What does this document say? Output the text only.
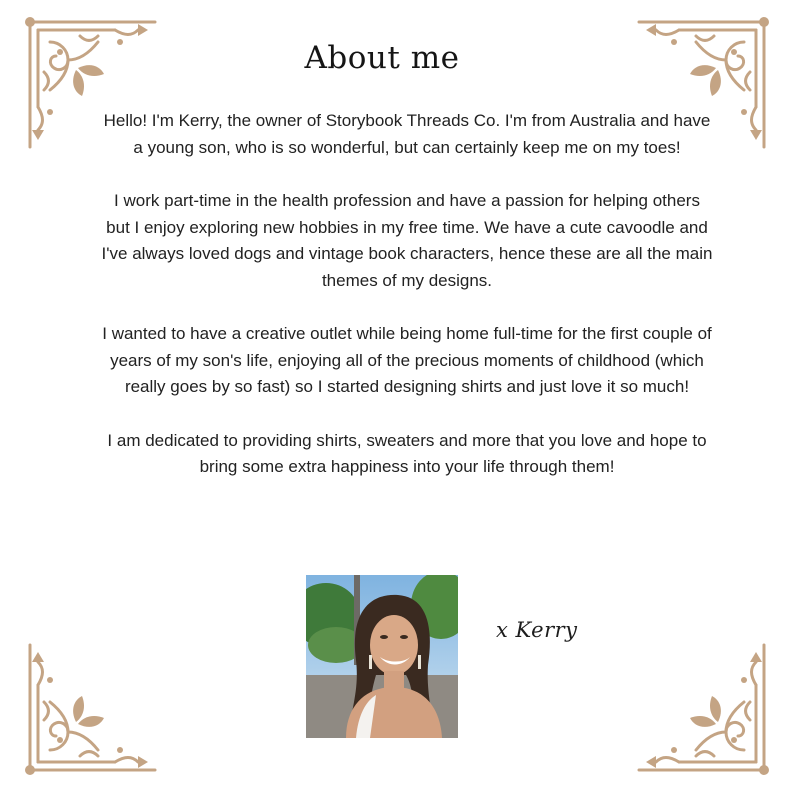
About me

Hello! I'm Kerry, the owner of Storybook Threads Co. I'm from Australia and have a young son, who is so wonderful, but can certainly keep me on my toes!

I work part-time in the health profession and have a passion for helping others but I enjoy exploring new hobbies in my free time. We have a cute cavoodle and I've always loved dogs and vintage book characters, hence these are all the main themes of my designs.

I wanted to have a creative outlet while being home full-time for the first couple of years of my son's life, enjoying all of the precious moments of childhood (which really goes by so fast) so I started designing shirts and just love it so much!

I am dedicated to providing shirts, sweaters and more that you love and hope to bring some extra happiness into your life through them!

x Kerry
